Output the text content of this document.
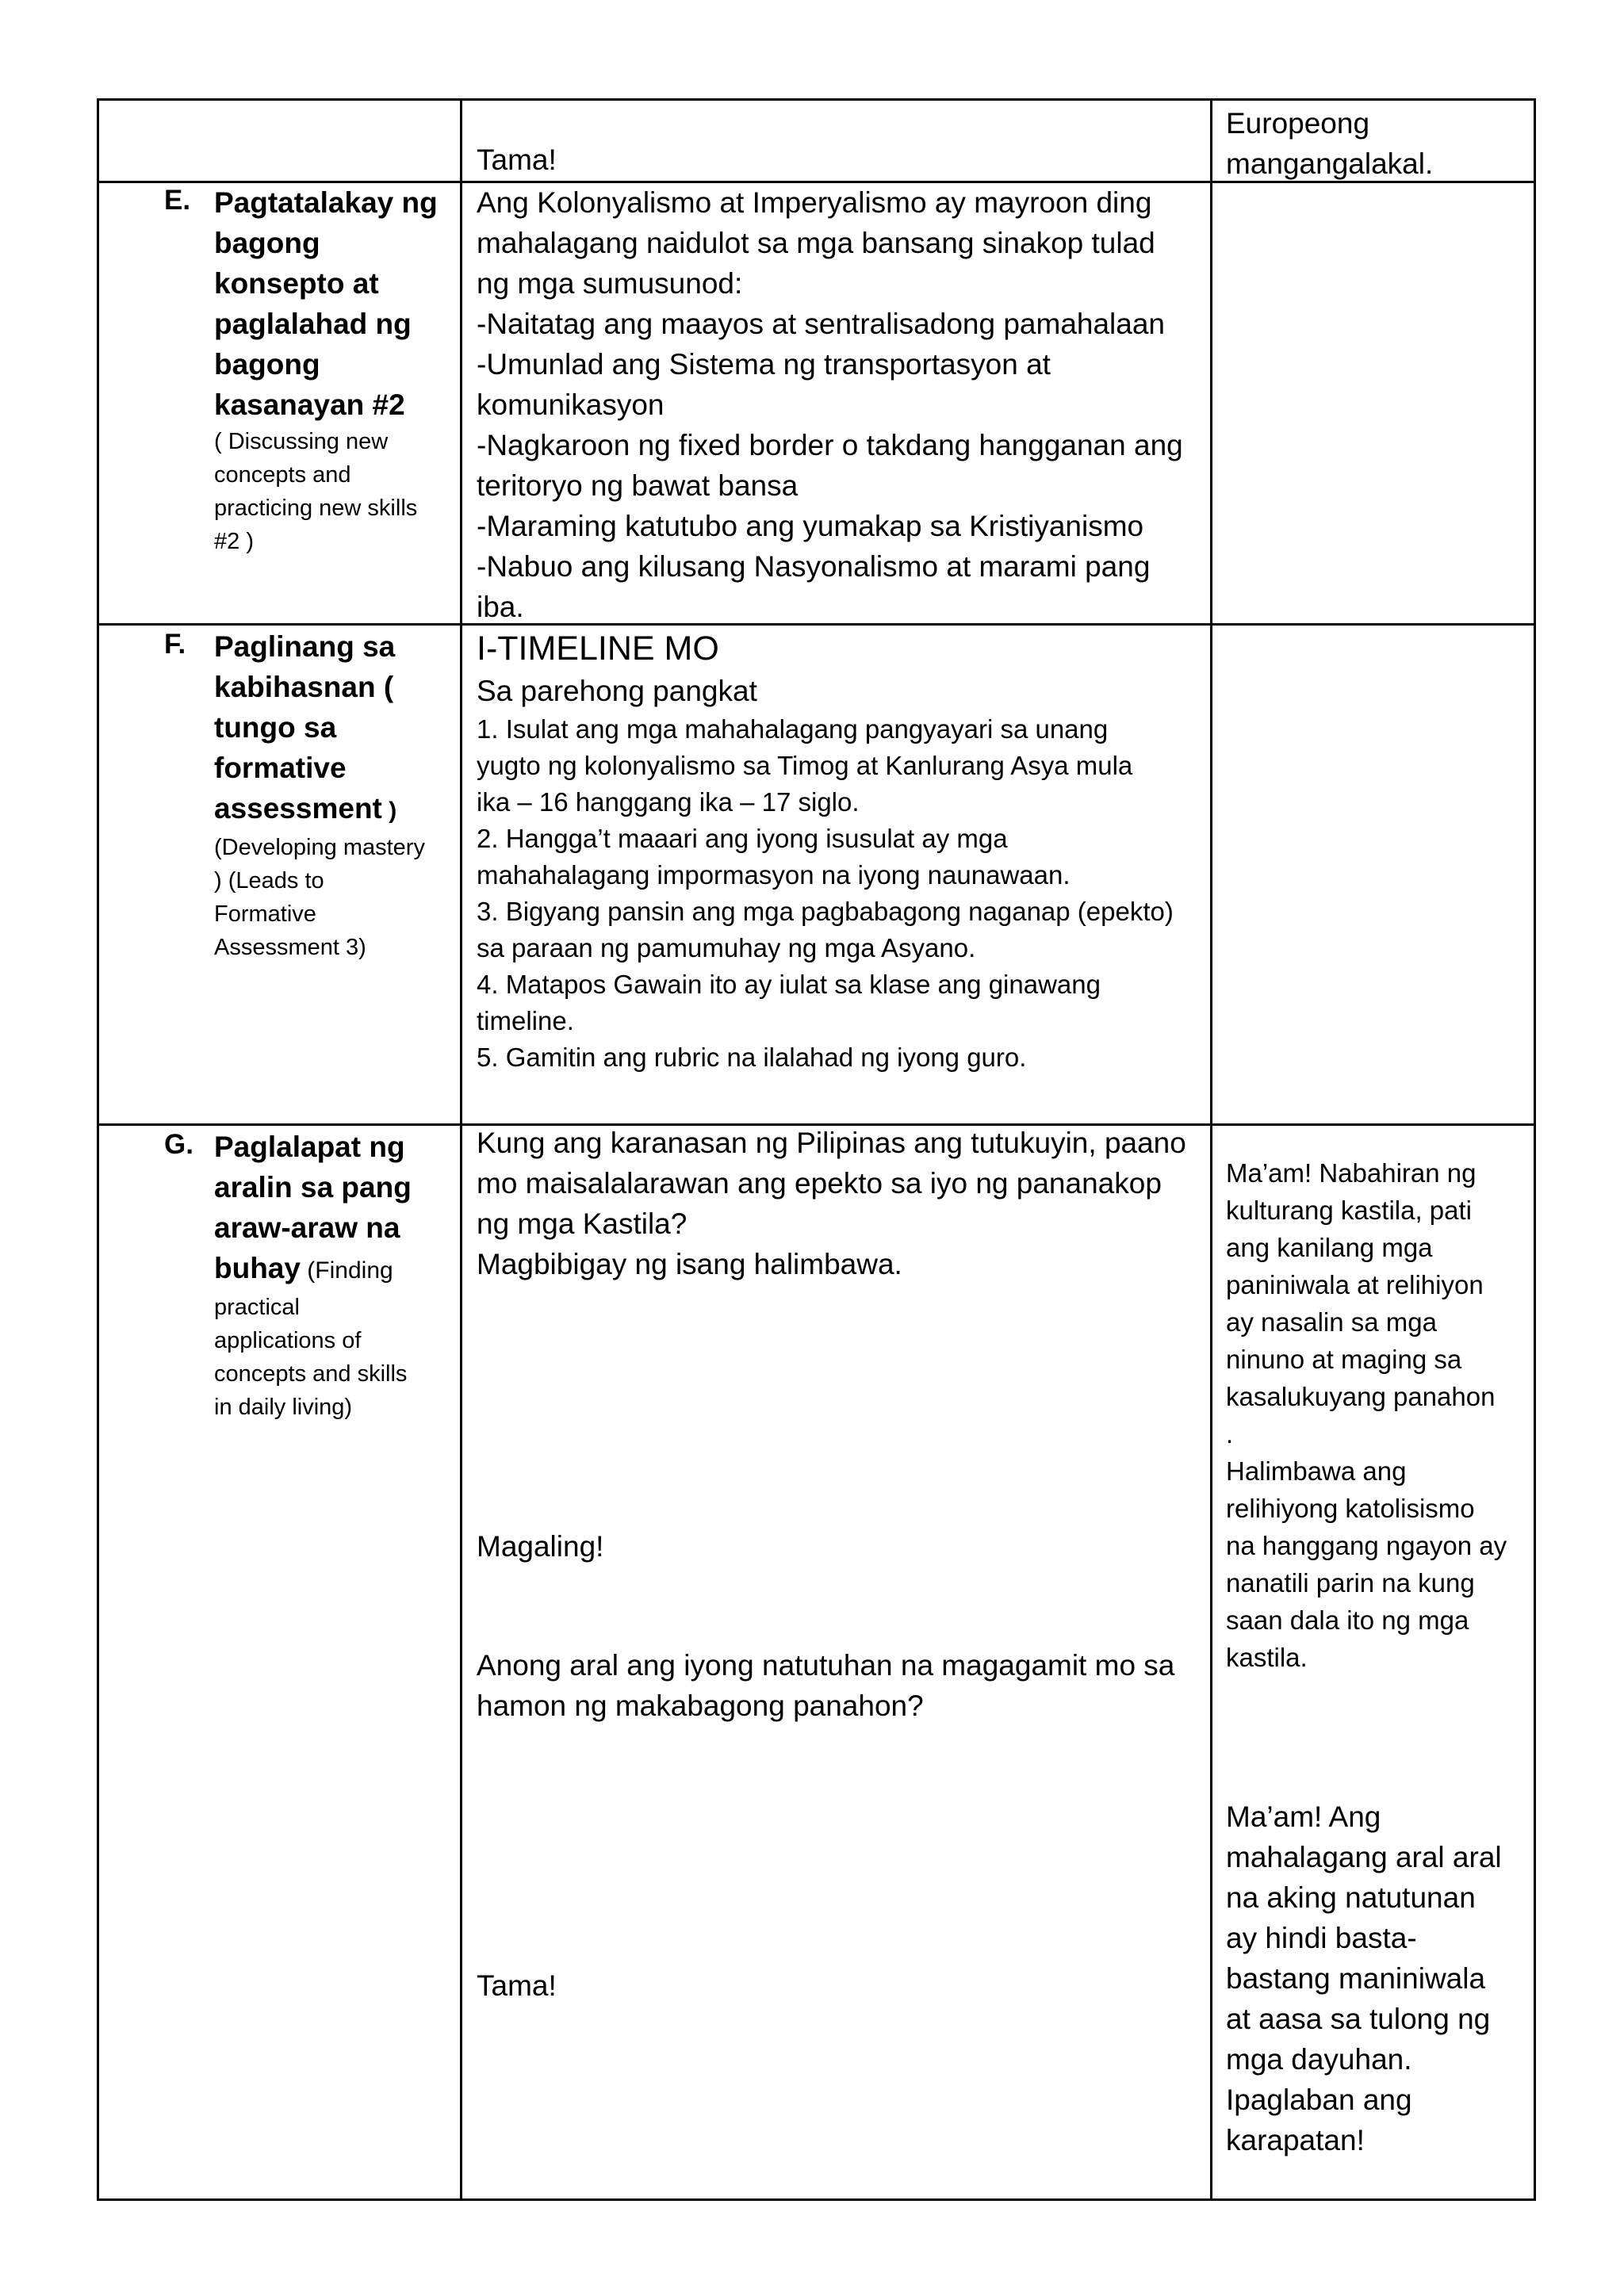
Tama!

Europeong

mangangalakal.

E. Pagtatalakay ng

bagong

konsepto at

paglalahad ng

bagong

kasanayan #2

( Discussing new

concepts and

practicing new skills

#2 )

Ang Kolonyalismo at Imperyalismo ay mayroon ding

mahalagang naidulot sa mga bansang sinakop tulad

ng mga sumusunod:

-Naitatag ang maayos at sentralisadong pamahalaan

-Umunlad ang Sistema ng transportasyon at

komunikasyon

-Nagkaroon ng fixed border o takdang hangganan ang

teritoryo ng bawat bansa

-Maraming katutubo ang yumakap sa Kristiyanismo

-Nabuo ang kilusang Nasyonalismo at marami pang

iba.

F. Paglinang sa

kabihasnan (

tungo sa

formative

assessment )

(Developing mastery

) (Leads to

Formative

Assessment 3)

I-TIMELINE MO

Sa parehong pangkat

1. Isulat ang mga mahahalagang pangyayari sa unang

yugto ng kolonyalismo sa Timog at Kanlurang Asya mula

ika – 16 hanggang ika – 17 siglo.

2. Hangga’t maaari ang iyong isusulat ay mga

mahahalagang impormasyon na iyong naunawaan.

3. Bigyang pansin ang mga pagbabagong naganap (epekto)

sa paraan ng pamumuhay ng mga Asyano.

4. Matapos Gawain ito ay iulat sa klase ang ginawang

timeline.

5. Gamitin ang rubric na ilalahad ng iyong guro.

G. Paglalapat ng

aralin sa pang

araw-araw na

buhay (Finding

practical

applications of

concepts and skills

in daily living)

Kung ang karanasan ng Pilipinas ang tutukuyin, paano

mo maisalalarawan ang epekto sa iyo ng pananakop

ng mga Kastila?

Magbibigay ng isang halimbawa.

Magaling!

Anong aral ang iyong natutuhan na magagamit mo sa

hamon ng makabagong panahon?

Tama!

Ma’am! Nabahiran ng

kulturang kastila, pati

ang kanilang mga

paniniwala at relihiyon

ay nasalin sa mga

ninuno at maging sa

kasalukuyang panahon

.

Halimbawa ang

relihiyong katolisismo

na hanggang ngayon ay

nanatili parin na kung

saan dala ito ng mga

kastila.

Ma’am! Ang

mahalagang aral aral

na aking natutunan

ay hindi basta-

bastang maniniwala

at aasa sa tulong ng

mga dayuhan.

Ipaglaban ang

karapatan!
